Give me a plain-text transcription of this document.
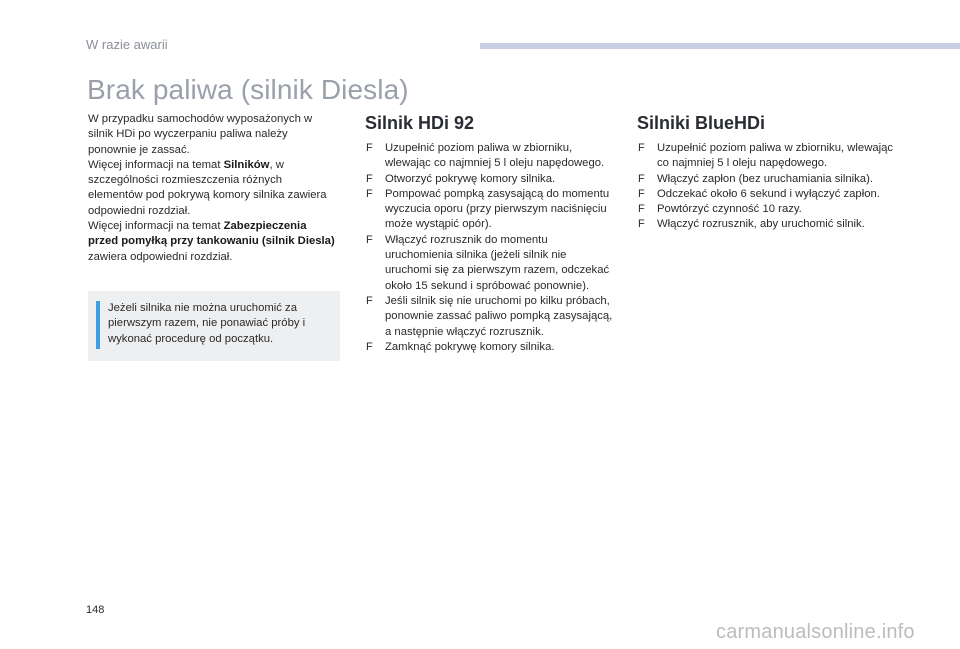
W razie awarii
Brak paliwa (silnik Diesla)

W przypadku samochodów wyposażonych w silnik HDi po wyczerpaniu paliwa należy ponownie je zassać.

Więcej informacji na temat Silników, w szczególności rozmieszczenia różnych elementów pod pokrywą komory silnika zawiera odpowiedni rozdział.

Więcej informacji na temat Zabezpieczenia przed pomyłką przy tankowaniu (silnik Diesla) zawiera odpowiedni rozdział.

Jeżeli silnika nie można uruchomić za pierwszym razem, nie ponawiać próby i wykonać procedurę od początku.
Silnik HDi 92
F	Uzupełnić poziom paliwa w zbiorniku, wlewając co najmniej 5 l oleju napędowego.
F	Otworzyć pokrywę komory silnika.
F	Pompować pompką zasysającą do momentu wyczucia oporu (przy pierwszym naciśnięciu może wystąpić opór).
F	Włączyć rozrusznik do momentu uruchomienia silnika (jeżeli silnik nie uruchomi się za pierwszym razem, odczekać około 15 sekund i spróbować ponownie).
F	Jeśli silnik się nie uruchomi po kilku próbach, ponownie zassać paliwo pompką zasysającą, a następnie włączyć rozrusznik.
F	Zamknąć pokrywę komory silnika.
Silniki BlueHDi
F	Uzupełnić poziom paliwa w zbiorniku, wlewając co najmniej 5 l oleju napędowego.
F	Włączyć zapłon (bez uruchamiania silnika).
F	Odczekać około 6 sekund i wyłączyć zapłon.
F	Powtórzyć czynność 10 razy.
F	Włączyć rozrusznik, aby uruchomić silnik.
148
carmanualsonline.info
